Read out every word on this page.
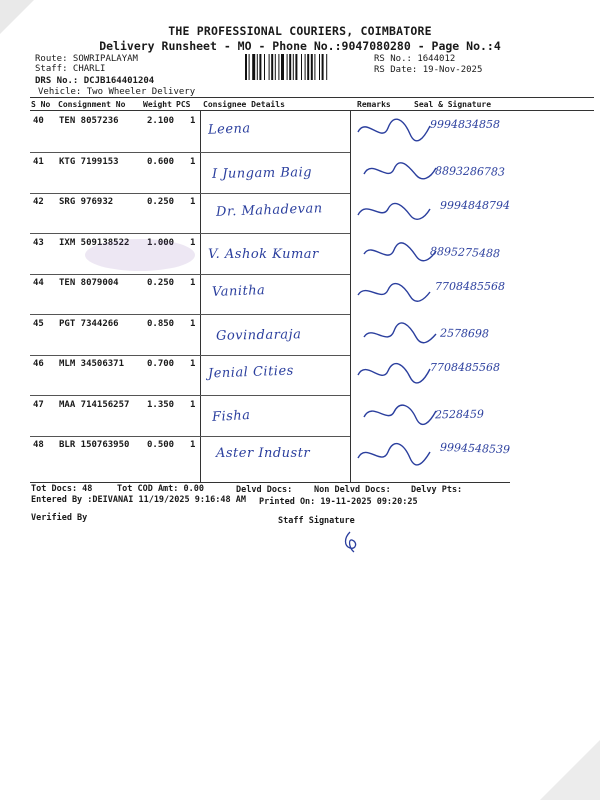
THE PROFESSIONAL COURIERS, COIMBATORE
Delivery Runsheet - MO - Phone No.:9047080280 - Page No.:4
Route: SOWRIPALAYAM
Staff: CHARLI
DRS No.: DCJB164401204
Vehicle: Two Wheeler Delivery
RS No.: 1644012
RS Date: 19-Nov-2025
S No Consignment No Weight PCS Consignee Details	Remarks	Seal & Signature
40 TEN 8057236	2.100 1
Leena	9994834858
41 KTG 7199153	0.600 1
I Jungam Baig	8893286783
42 SRG 976932	0.250 1 Dr. Mahadevan	9994848794
43 IXM 509138522 1.000 1
V. Ashok Kumar	8895275488
44 TEN 8079004	0.250 1
Vanitha	7708485568
45 PGT 7344266	0.850 1
Govindaraja	2578698
46 MLM 34506371	0.700 1 Jenial Cities	7708485568
47 MAA 714156257 1.350 1
Fisha	2528459
48 BLR 150763950 0.500 1
Aster Industr	9994548539
Tot Docs: 48	Tot COD Amt: 0.00	Delvd Docs:	Non Delvd Docs: Delvy Pts:
Entered By :DEIVANAI 11/19/2025 9:16:48 AM Printed On: 19-11-2025 09:20:25
Verified By	Staff Signature
3 ▓▒▓
